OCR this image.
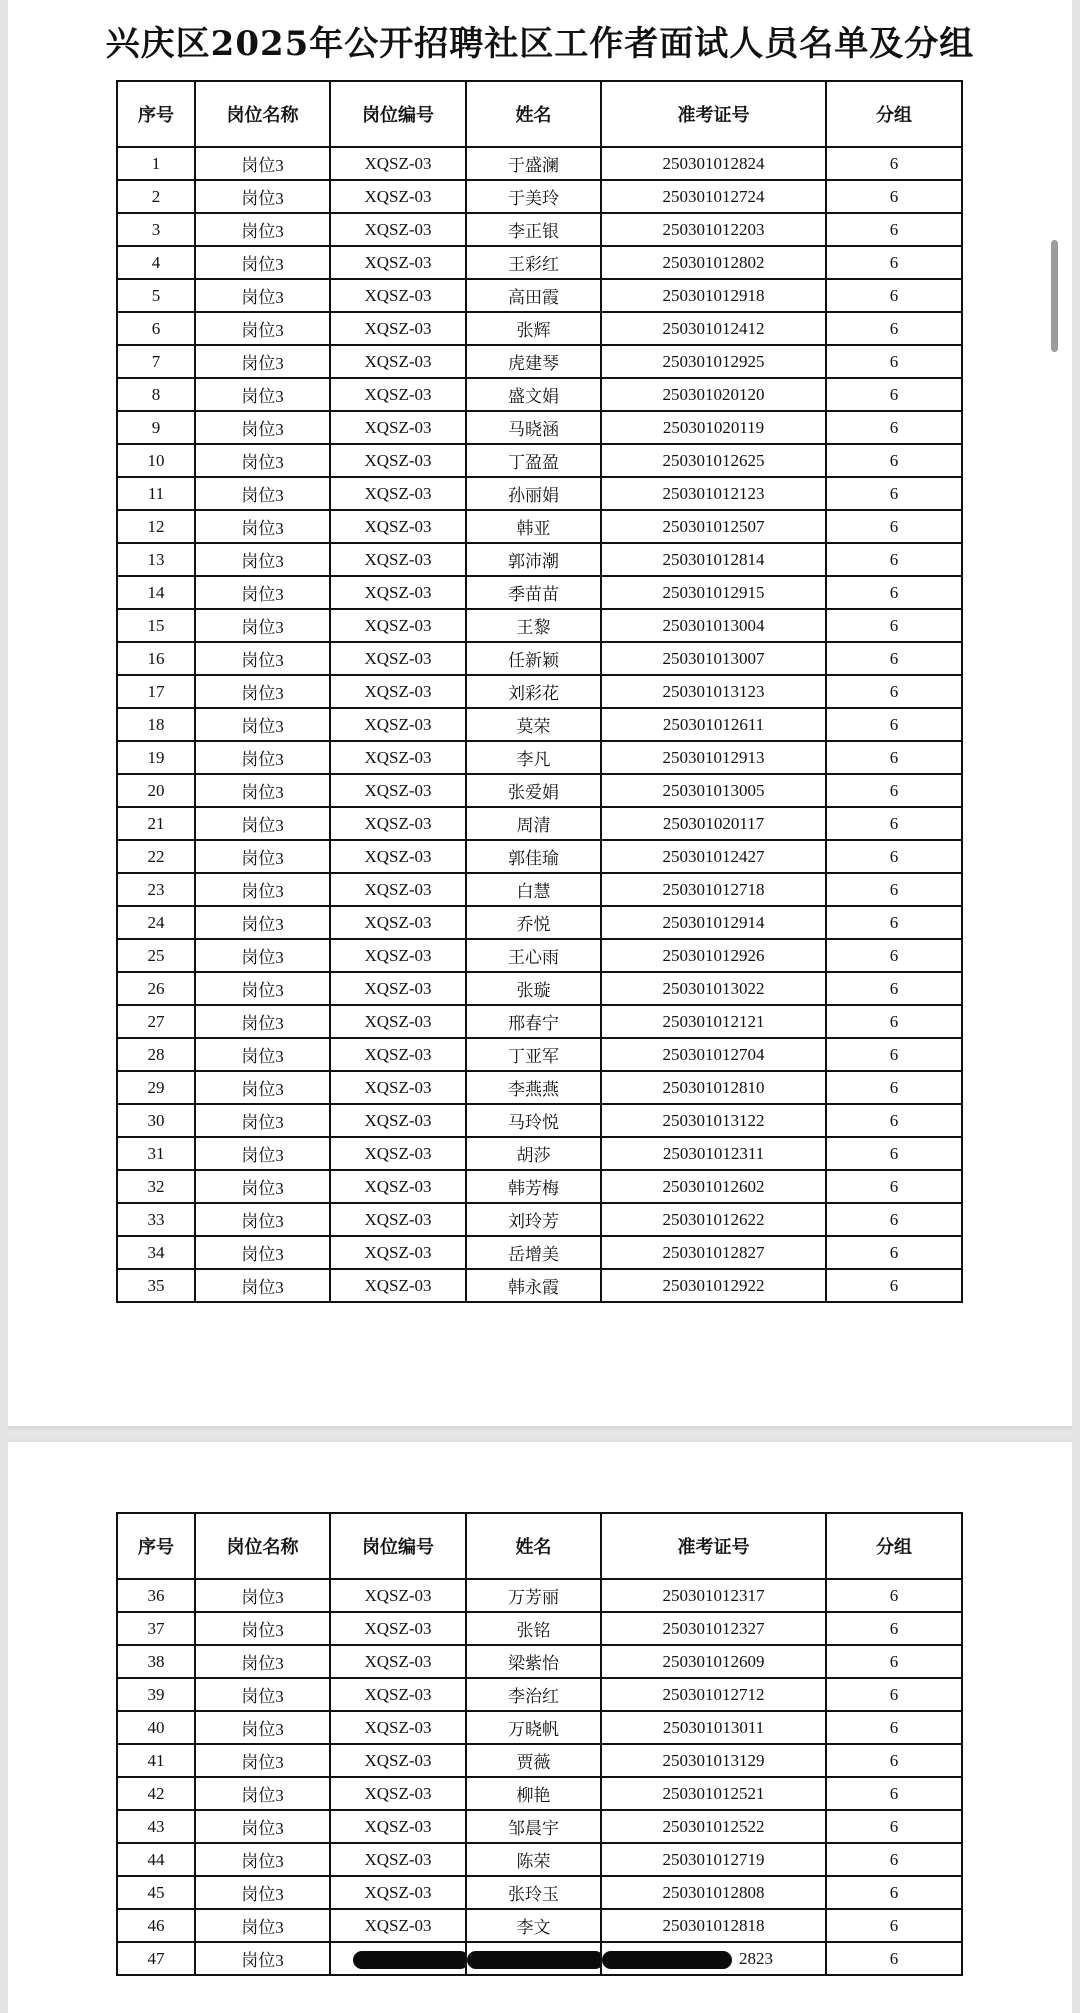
兴庆区2025年公开招聘社区工作者面试人员名单及分组
序号	岗位名称	岗位编号	姓名	准考证号	分组
1	岗位3	XQSZ-03	于盛澜	250301012824	6
2	岗位3	XQSZ-03	于美玲	250301012724	6
3	岗位3	XQSZ-03	李正银	250301012203	6
4	岗位3	XQSZ-03	王彩红	250301012802	6
5	岗位3	XQSZ-03	高田霞	250301012918	6
6	岗位3	XQSZ-03	张辉	250301012412	6
7	岗位3	XQSZ-03	虎建琴	250301012925	6
8	岗位3	XQSZ-03	盛文娟	250301020120	6
9	岗位3	XQSZ-03	马晓涵	250301020119	6
10	岗位3	XQSZ-03	丁盈盈	250301012625	6
11	岗位3	XQSZ-03	孙丽娟	250301012123	6
12	岗位3	XQSZ-03	韩亚	250301012507	6
13	岗位3	XQSZ-03	郭沛潮	250301012814	6
14	岗位3	XQSZ-03	季苗苗	250301012915	6
15	岗位3	XQSZ-03	王黎	250301013004	6
16	岗位3	XQSZ-03	任新颖	250301013007	6
17	岗位3	XQSZ-03	刘彩花	250301013123	6
18	岗位3	XQSZ-03	莫荣	250301012611	6
19	岗位3	XQSZ-03	李凡	250301012913	6
20	岗位3	XQSZ-03	张爱娟	250301013005	6
21	岗位3	XQSZ-03	周清	250301020117	6
22	岗位3	XQSZ-03	郭佳瑜	250301012427	6
23	岗位3	XQSZ-03	白慧	250301012718	6
24	岗位3	XQSZ-03	乔悦	250301012914	6
25	岗位3	XQSZ-03	王心雨	250301012926	6
26	岗位3	XQSZ-03	张璇	250301013022	6
27	岗位3	XQSZ-03	邢春宁	250301012121	6
28	岗位3	XQSZ-03	丁亚军	250301012704	6
29	岗位3	XQSZ-03	李燕燕	250301012810	6
30	岗位3	XQSZ-03	马玲悦	250301013122	6
31	岗位3	XQSZ-03	胡莎	250301012311	6
32	岗位3	XQSZ-03	韩芳梅	250301012602	6
33	岗位3	XQSZ-03	刘玲芳	250301012622	6
34	岗位3	XQSZ-03	岳增美	250301012827	6
35	岗位3	XQSZ-03	韩永霞	250301012922	6
序号	岗位名称	岗位编号	姓名	准考证号	分组
36	岗位3	XQSZ-03	万芳丽	250301012317	6
37	岗位3	XQSZ-03	张铭	250301012327	6
38	岗位3	XQSZ-03	梁紫怡	250301012609	6
39	岗位3	XQSZ-03	李治红	250301012712	6
40	岗位3	XQSZ-03	万晓帆	250301013011	6
41	岗位3	XQSZ-03	贾薇	250301013129	6
42	岗位3	XQSZ-03	柳艳	250301012521	6
43	岗位3	XQSZ-03	邹晨宇	250301012522	6
44	岗位3	XQSZ-03	陈荣	250301012719	6
45	岗位3	XQSZ-03	张玲玉	250301012808	6
46	岗位3	XQSZ-03	李文	250301012818	6
47	岗位3			2823	6
